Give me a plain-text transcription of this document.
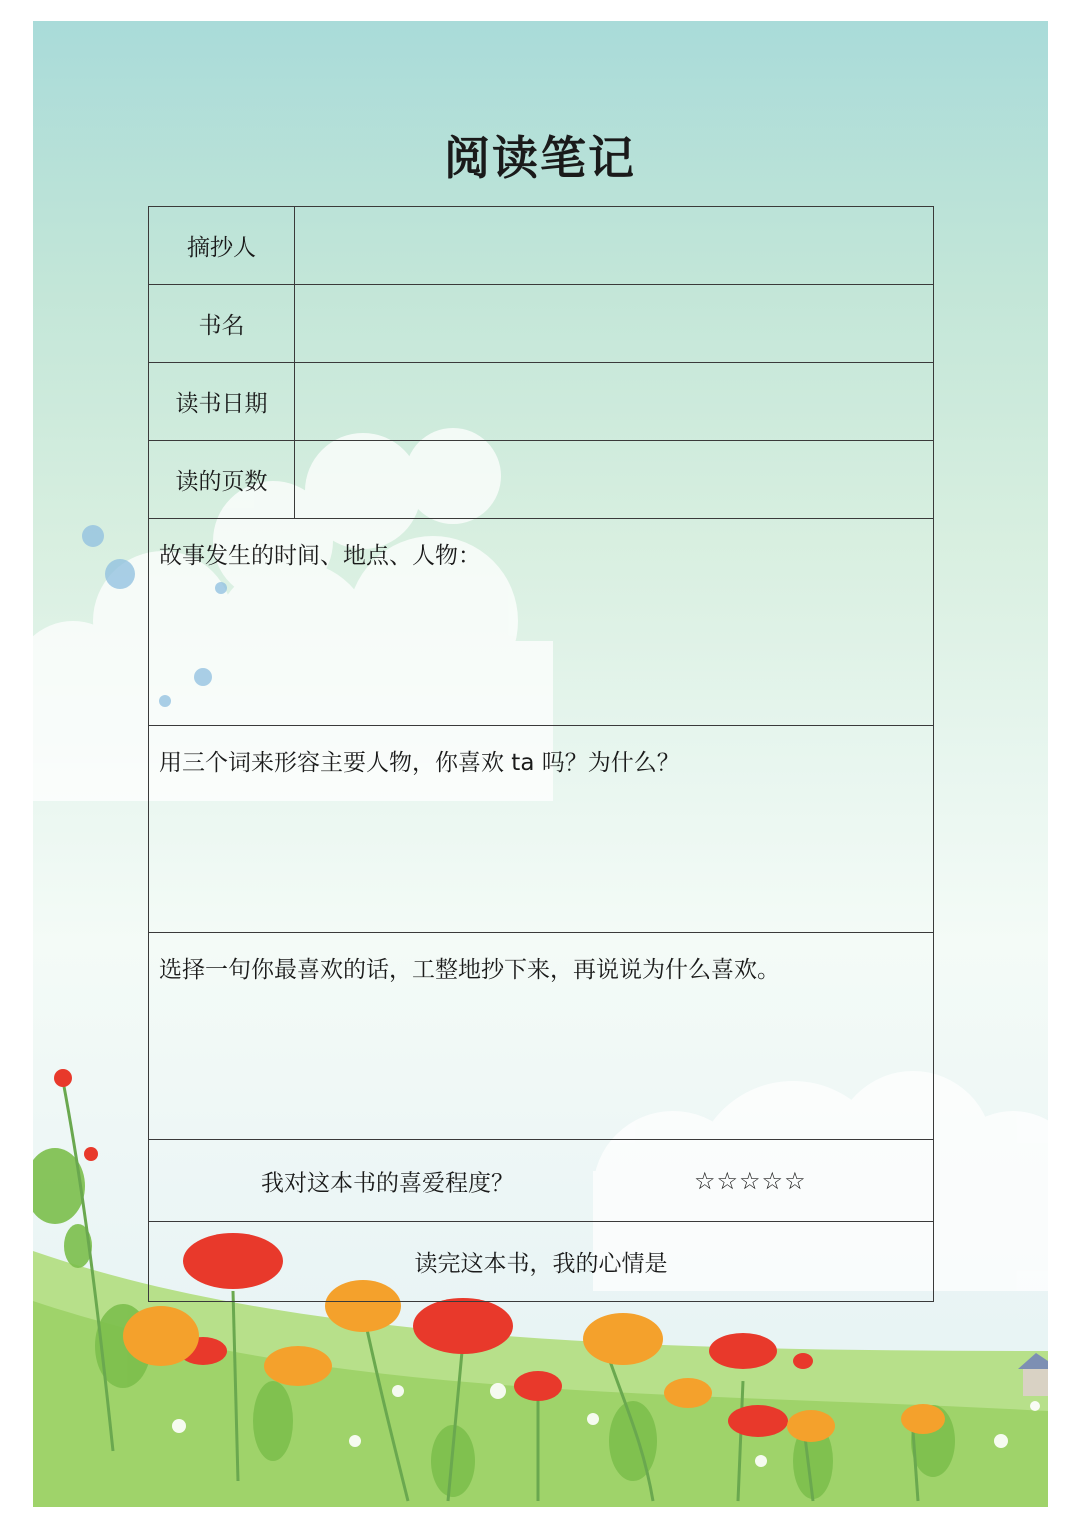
阅读笔记
摘抄人	
书名	
读书日期	
读的页数	
故事发生的时间、地点、人物：	
用三个词来形容主要人物，你喜欢 ta 吗？为什么？	
选择一句你最喜欢的话，工整地抄下来，再说说为什么喜欢。	

我对这本书的喜爱程度？ ☆☆☆☆☆	

读完这本书，我的心情是	
